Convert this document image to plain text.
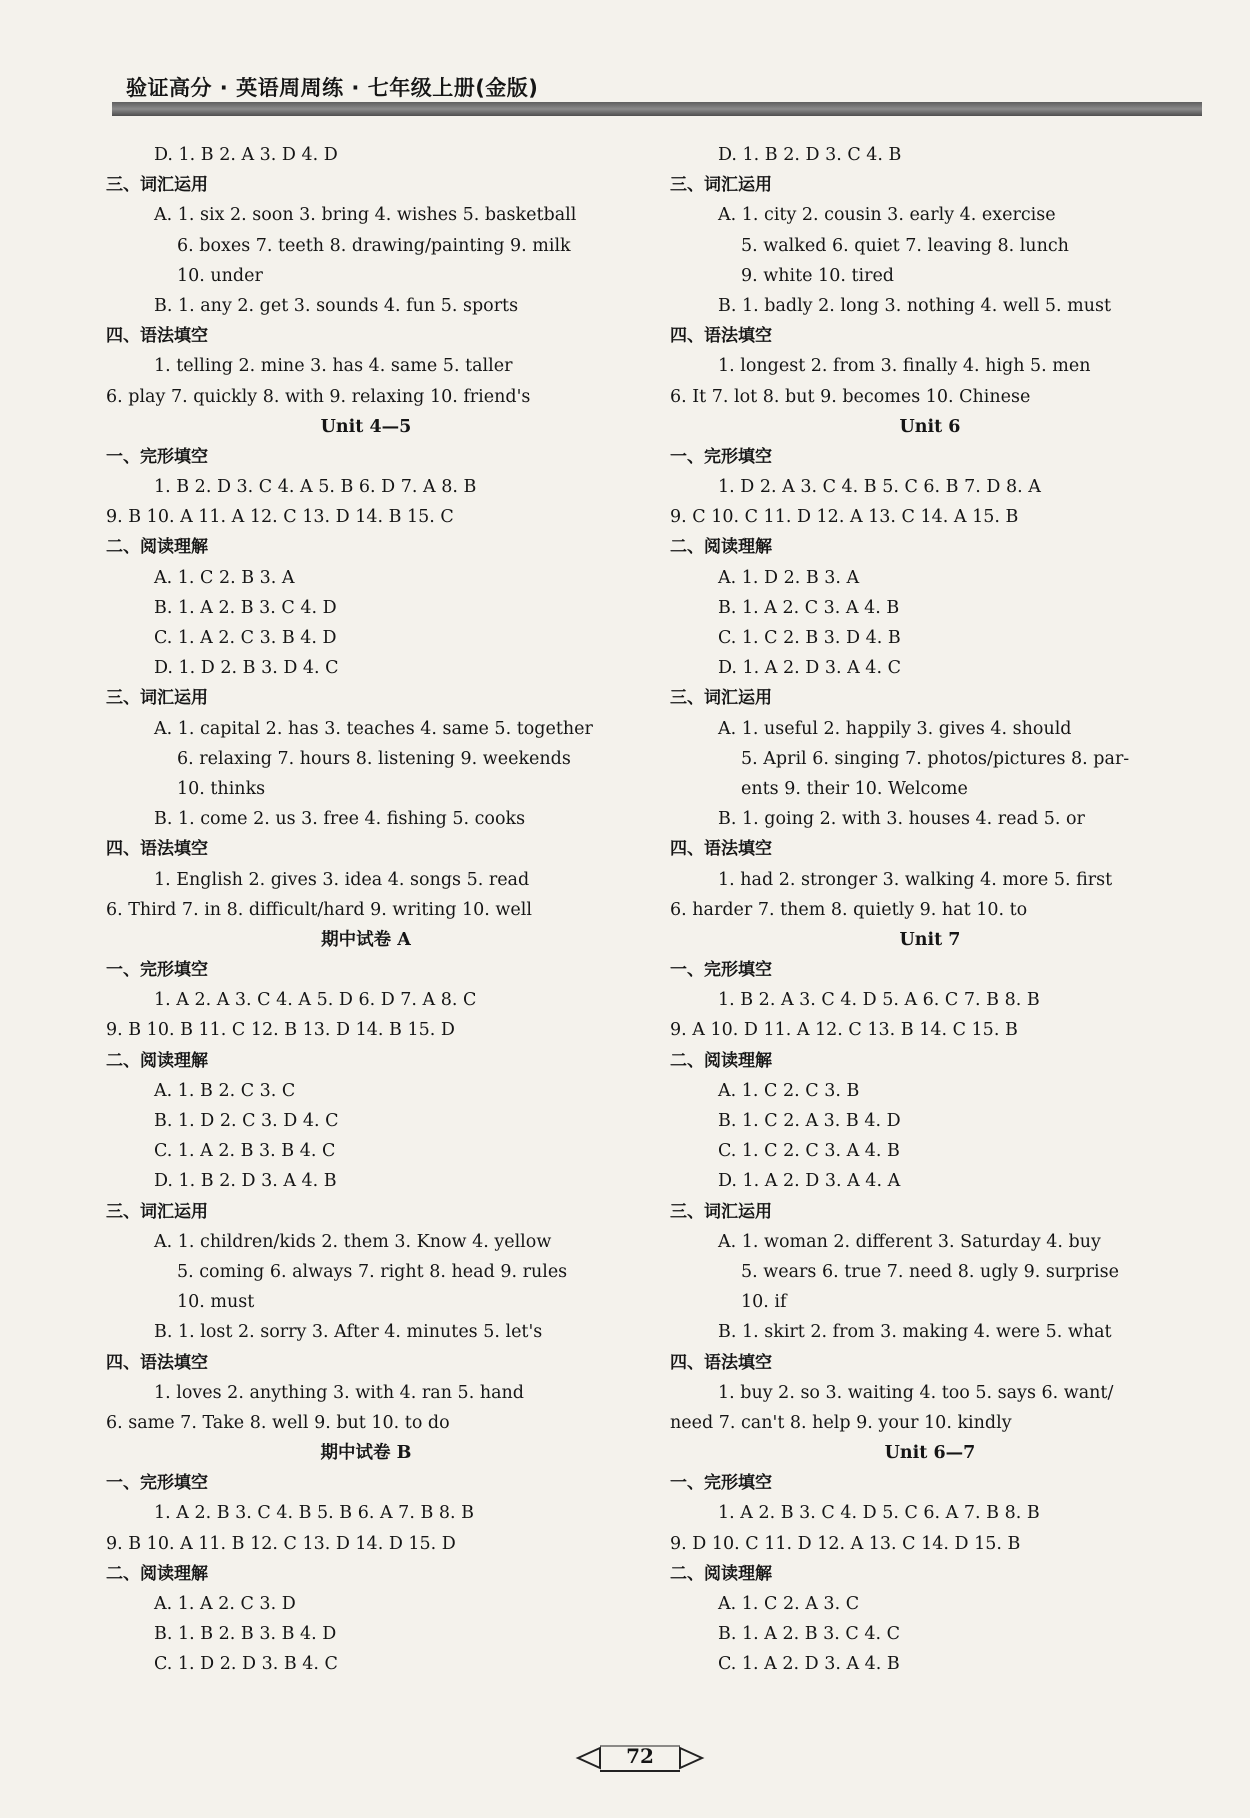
验证高分 · 英语周周练 · 七年级上册(金版)
D. 1. B 2. A 3. D 4. D
三、词汇运用
A. 1. six 2. soon 3. bring 4. wishes 5. basketball
6. boxes 7. teeth 8. drawing/painting 9. milk
10. under
B. 1. any 2. get 3. sounds 4. fun 5. sports
四、语法填空
1. telling 2. mine 3. has 4. same 5. taller
6. play 7. quickly 8. with 9. relaxing 10. friend's
Unit 4—5
一、完形填空
1. B 2. D 3. C 4. A 5. B 6. D 7. A 8. B
9. B 10. A 11. A 12. C 13. D 14. B 15. C
二、阅读理解
A. 1. C 2. B 3. A
B. 1. A 2. B 3. C 4. D
C. 1. A 2. C 3. B 4. D
D. 1. D 2. B 3. D 4. C
三、词汇运用
A. 1. capital 2. has 3. teaches 4. same 5. together
6. relaxing 7. hours 8. listening 9. weekends
10. thinks
B. 1. come 2. us 3. free 4. fishing 5. cooks
四、语法填空
1. English 2. gives 3. idea 4. songs 5. read
6. Third 7. in 8. difficult/hard 9. writing 10. well
期中试卷 A
一、完形填空
1. A 2. A 3. C 4. A 5. D 6. D 7. A 8. C
9. B 10. B 11. C 12. B 13. D 14. B 15. D
二、阅读理解
A. 1. B 2. C 3. C
B. 1. D 2. C 3. D 4. C
C. 1. A 2. B 3. B 4. C
D. 1. B 2. D 3. A 4. B
三、词汇运用
A. 1. children/kids 2. them 3. Know 4. yellow
5. coming 6. always 7. right 8. head 9. rules
10. must
B. 1. lost 2. sorry 3. After 4. minutes 5. let's
四、语法填空
1. loves 2. anything 3. with 4. ran 5. hand
6. same 7. Take 8. well 9. but 10. to do
期中试卷 B
一、完形填空
1. A 2. B 3. C 4. B 5. B 6. A 7. B 8. B
9. B 10. A 11. B 12. C 13. D 14. D 15. D
二、阅读理解
A. 1. A 2. C 3. D
B. 1. B 2. B 3. B 4. D
C. 1. D 2. D 3. B 4. C
D. 1. B 2. D 3. C 4. B
三、词汇运用
A. 1. city 2. cousin 3. early 4. exercise
5. walked 6. quiet 7. leaving 8. lunch
9. white 10. tired
B. 1. badly 2. long 3. nothing 4. well 5. must
四、语法填空
1. longest 2. from 3. finally 4. high 5. men
6. It 7. lot 8. but 9. becomes 10. Chinese
Unit 6
一、完形填空
1. D 2. A 3. C 4. B 5. C 6. B 7. D 8. A
9. C 10. C 11. D 12. A 13. C 14. A 15. B
二、阅读理解
A. 1. D 2. B 3. A
B. 1. A 2. C 3. A 4. B
C. 1. C 2. B 3. D 4. B
D. 1. A 2. D 3. A 4. C
三、词汇运用
A. 1. useful 2. happily 3. gives 4. should
5. April 6. singing 7. photos/pictures 8. par-
ents 9. their 10. Welcome
B. 1. going 2. with 3. houses 4. read 5. or
四、语法填空
1. had 2. stronger 3. walking 4. more 5. first
6. harder 7. them 8. quietly 9. hat 10. to
Unit 7
一、完形填空
1. B 2. A 3. C 4. D 5. A 6. C 7. B 8. B
9. A 10. D 11. A 12. C 13. B 14. C 15. B
二、阅读理解
A. 1. C 2. C 3. B
B. 1. C 2. A 3. B 4. D
C. 1. C 2. C 3. A 4. B
D. 1. A 2. D 3. A 4. A
三、词汇运用
A. 1. woman 2. different 3. Saturday 4. buy
5. wears 6. true 7. need 8. ugly 9. surprise
10. if
B. 1. skirt 2. from 3. making 4. were 5. what
四、语法填空
1. buy 2. so 3. waiting 4. too 5. says 6. want/
need 7. can't 8. help 9. your 10. kindly
Unit 6—7
一、完形填空
1. A 2. B 3. C 4. D 5. C 6. A 7. B 8. B
9. D 10. C 11. D 12. A 13. C 14. D 15. B
二、阅读理解
A. 1. C 2. A 3. C
B. 1. A 2. B 3. C 4. C
C. 1. A 2. D 3. A 4. B
72
